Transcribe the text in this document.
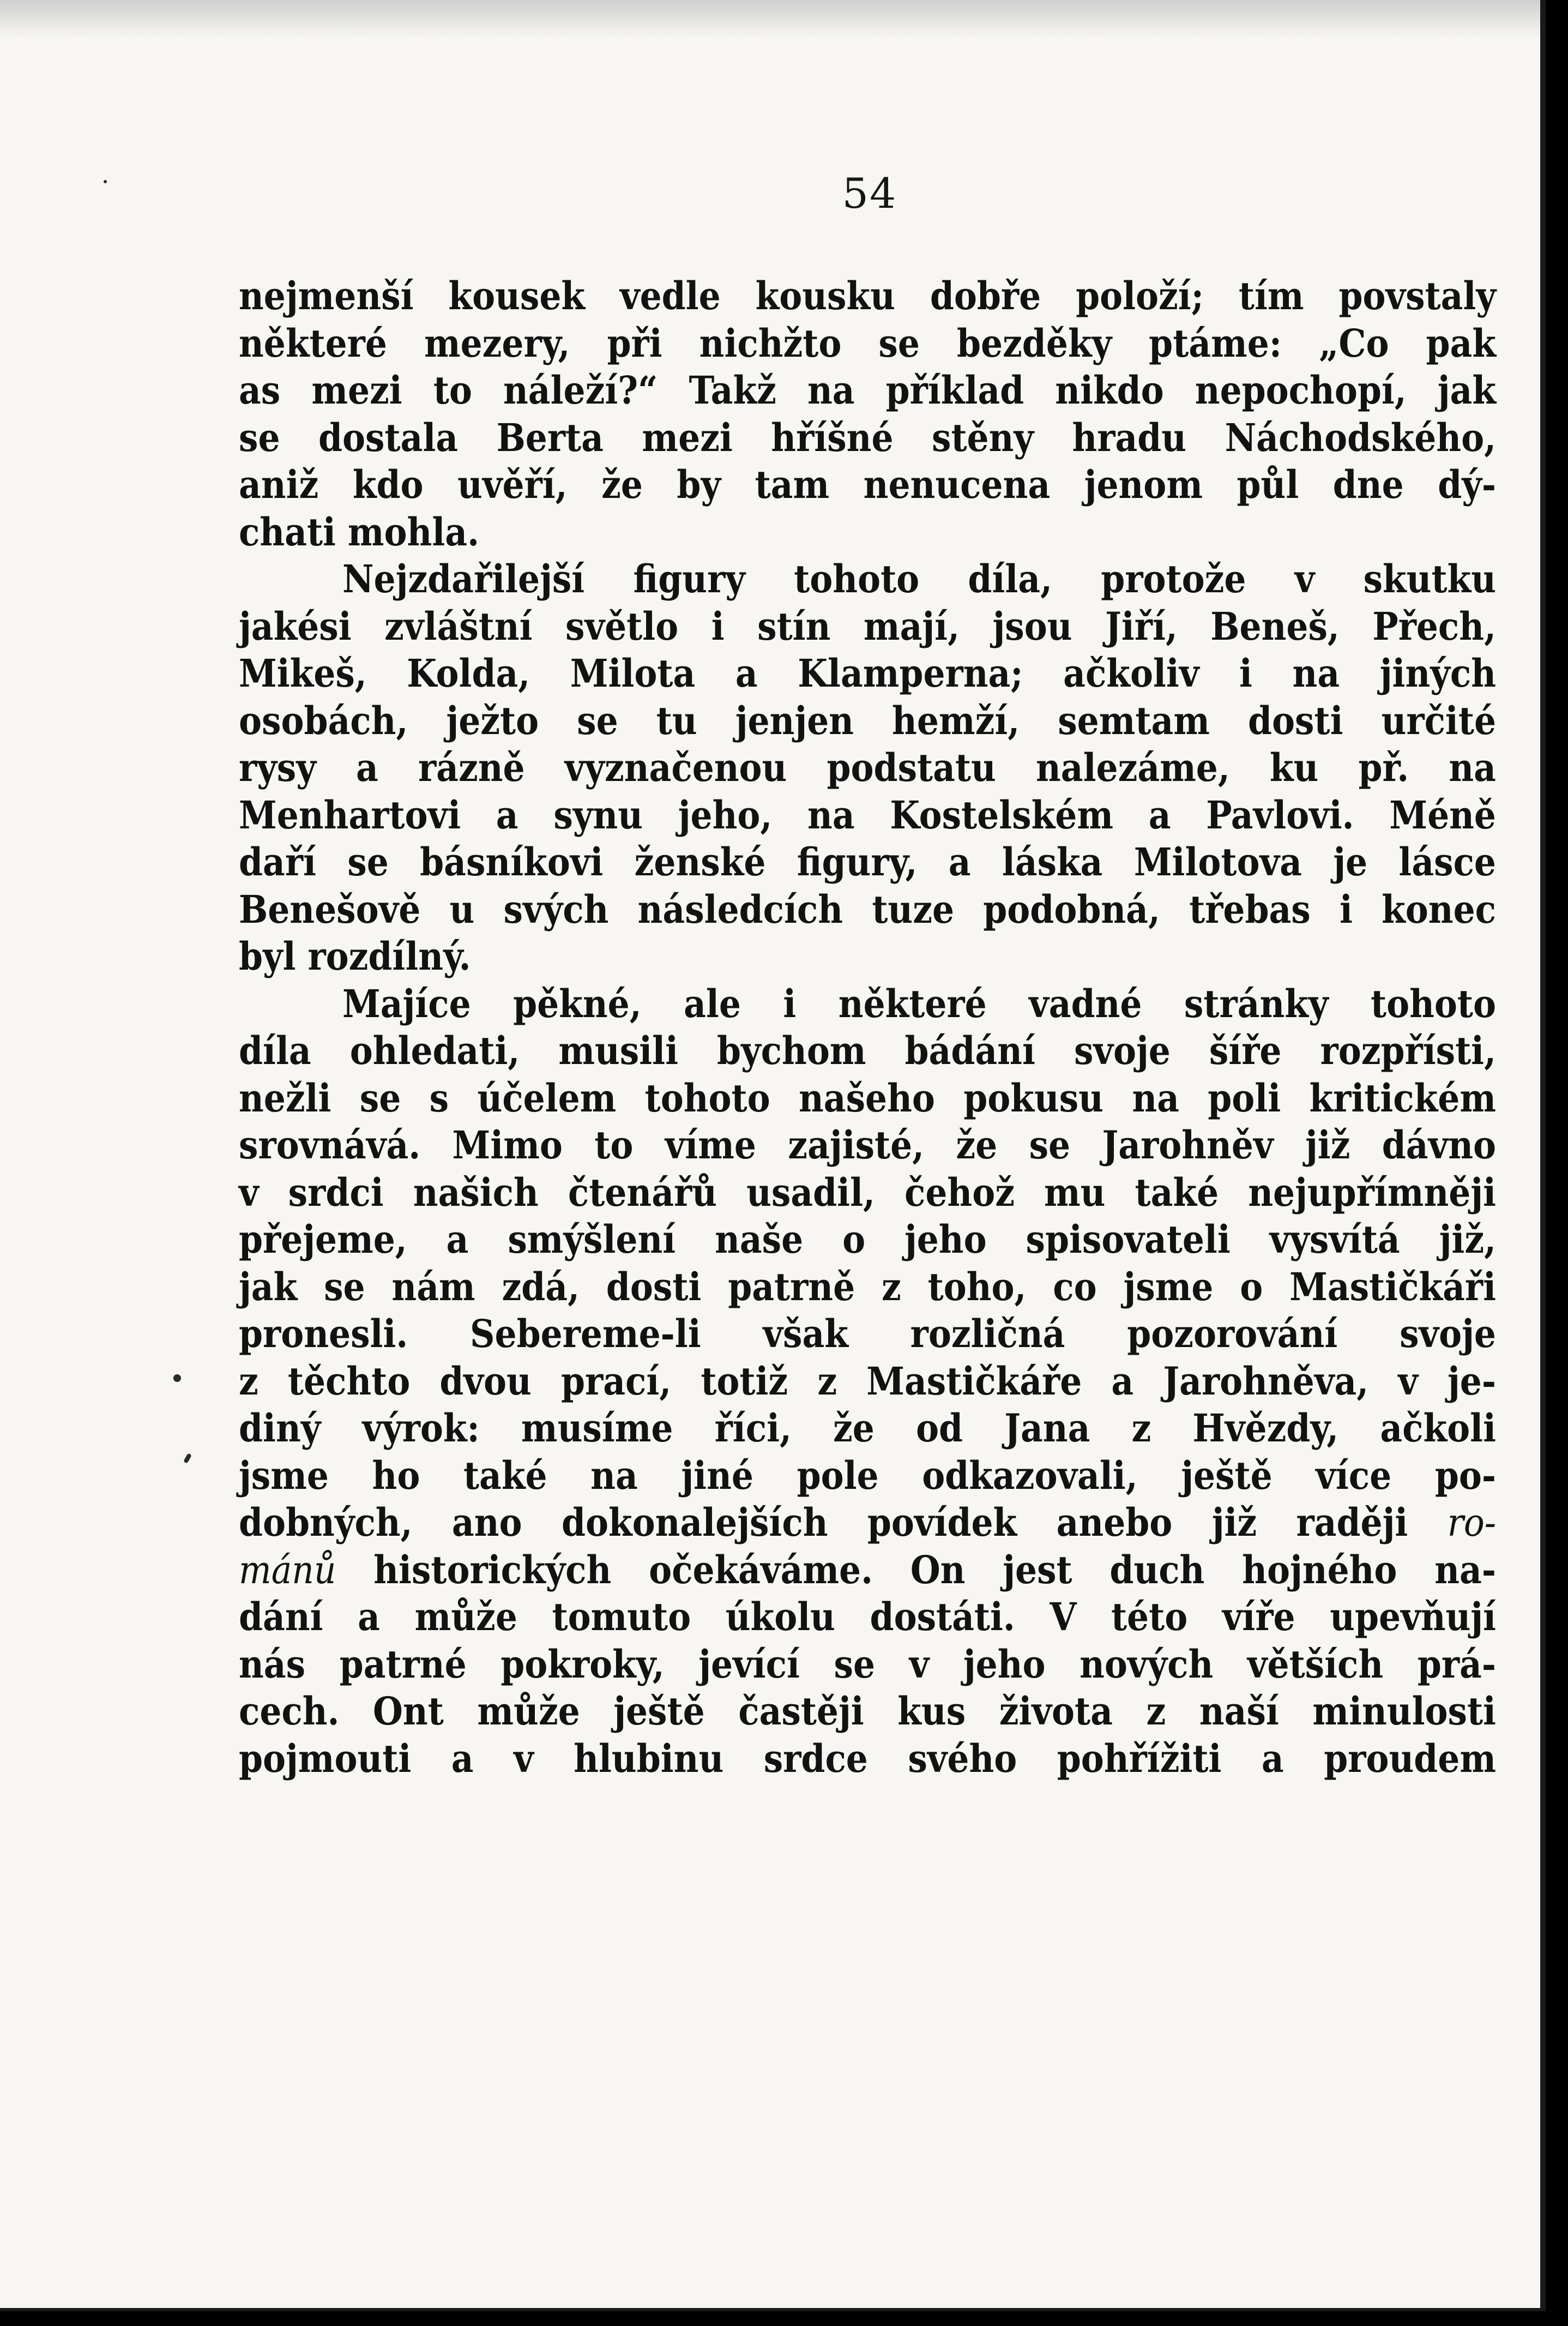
54
nejmenší kousek vedle kousku dobře položí; tím povstaly
některé mezery, při nichžto se bezděky ptáme: „Co pak
as mezi to náleží?“ Takž na příklad nikdo nepochopí, jak
se dostala Berta mezi hříšné stěny hradu Náchodského,
aniž kdo uvěří, že by tam nenucena jenom půl dne dý-
chati mohla.
Nejzdařilejší figury tohoto díla, protože v skutku
jakési zvláštní světlo i stín mají, jsou Jiří, Beneš, Přech,
Mikeš, Kolda, Milota a Klamperna; ačkoliv i na jiných
osobách, ježto se tu jenjen hemží, semtam dosti určité
rysy a rázně vyznačenou podstatu nalezáme, ku př. na
Menhartovi a synu jeho, na Kostelském a Pavlovi. Méně
daří se básníkovi ženské figury, a láska Milotova je lásce
Benešově u svých následcích tuze podobná, třebas i konec
byl rozdílný.
Majíce pěkné, ale i některé vadné stránky tohoto
díla ohledati, musili bychom bádání svoje šíře rozpřísti,
nežli se s účelem tohoto našeho pokusu na poli kritickém
srovnává. Mimo to víme zajisté, že se Jarohněv již dávno
v srdci našich čtenářů usadil, čehož mu také nejupřímněji
přejeme, a smýšlení naše o jeho spisovateli vysvítá již,
jak se nám zdá, dosti patrně z toho, co jsme o Mastičkáři
pronesli. Sebereme-li však rozličná pozorování svoje
z těchto dvou prací, totiž z Mastičkáře a Jarohněva, v je-
diný výrok: musíme říci, že od Jana z Hvězdy, ačkoli
jsme ho také na jiné pole odkazovali, ještě více po-
dobných, ano dokonalejších povídek anebo již raději ro-
mánů historických očekáváme. On jest duch hojného na-
dání a může tomuto úkolu dostáti. V této víře upevňují
nás patrné pokroky, jevící se v jeho nových větších prá-
cech. Ont může ještě častěji kus života z naší minulosti
pojmouti a v hlubinu srdce svého pohřížiti a proudem
